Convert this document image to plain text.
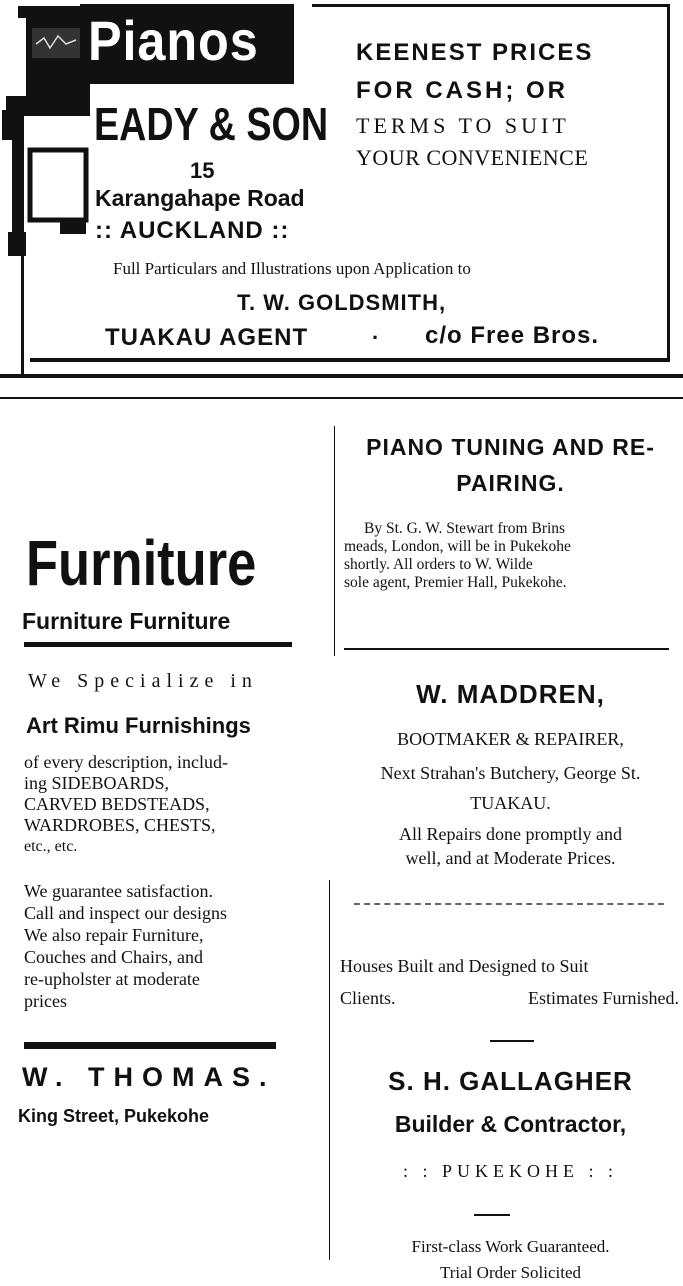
Pianos
EADY & SON
15
Karangahape Road
:: AUCKLAND ::
KEENEST PRICES
FOR CASH; OR
TERMS TO SUIT
YOUR CONVENIENCE
Full Particulars and Illustrations upon Application to
T. W. GOLDSMITH,
TUAKAU AGENT	· c/o Free Bros.
Furniture
Furniture Furniture
We Specialize in
Art Rimu Furnishings
of every description, includ-
ing SIDEBOARDS,
CARVED BEDSTEADS,
WARDROBES, CHESTS,
etc., etc.
We guarantee satisfaction.
Call and inspect our designs
We also repair Furniture,
Couches and Chairs, and
re-upholster at moderate
prices
W. THOMAS.
King Street, Pukekohe
PIANO TUNING AND RE-
PAIRING.
By St. G. W. Stewart from Brins
meads, London, will be in Pukekohe
shortly. All orders to W. Wilde
sole agent, Premier Hall, Pukekohe.
W. MADDREN,
BOOTMAKER & REPAIRER,
Next Strahan's Butchery, George St.
TUAKAU.
All Repairs done promptly and
well, and at Moderate Prices.
Houses Built and Designed to Suit
Clients.	Estimates Furnished.
S. H. GALLAGHER
Builder & Contractor,
: : PUKEKOHE : :
First-class Work Guaranteed.
Trial Order Solicited
